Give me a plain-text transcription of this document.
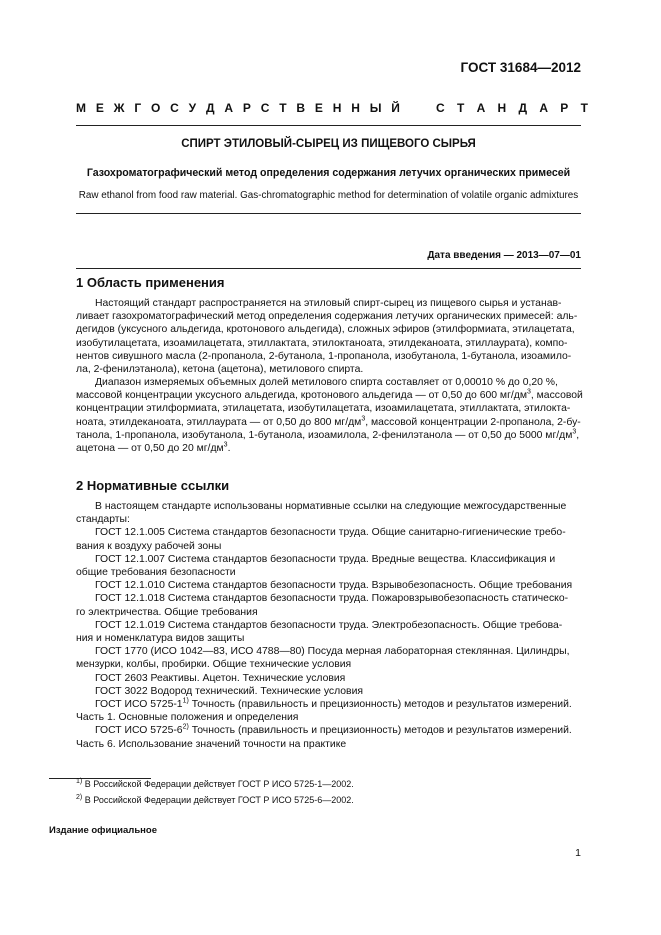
ГОСТ 31684—2012
М Е Ж Г О С У Д А Р С Т В Е Н Н Ы Й	С Т А Н Д А Р Т
СПИРТ ЭТИЛОВЫЙ-СЫРЕЦ ИЗ ПИЩЕВОГО СЫРЬЯ
Газохроматографический метод определения содержания летучих органических примесей
Raw ethanol from food raw material. Gas-chromatographic method for determination of volatile organic admixtures
Дата введения — 2013—07—01
1 Область применения
Настоящий стандарт распространяется на этиловый спирт-сырец из пищевого сырья и устанав-
ливает газохроматографический метод определения содержания летучих органических примесей: аль-
дегидов (уксусного альдегида, кротонового альдегида), сложных эфиров (этилформиата, этилацетата,
изобутилацетата, изоамилацетата, этиллактата, этилоктаноата, этилдеканоата, этиллаурата), компо-
нентов сивушного масла (2-пропанола, 2-бутанола, 1-пропанола, изобутанола, 1-бутанола, изоамило-
ла, 2-фенилэтанола), кетона (ацетона), метилового спирта.
Диапазон измеряемых объемных долей метилового спирта составляет от 0,00010 % до 0,20 %,
массовой концентрации уксусного альдегида, кротонового альдегида — от 0,50 до 600 $мг/дм^3$, массовой
концентрации этилформиата, этилацетата, изобутилацетата, изоамилацетата, этиллактата, этилокта-
ноата, этилдеканоата, этиллаурата — от 0,50 до 800 $мг/дм^3$, массовой концентрации 2-пропанола, 2-бу-
танола, 1-пропанола, изобутанола, 1-бутанола, изоамилола, 2-фенилэтанола — от 0,50 до 5000 $мг/дм^3$,
ацетона — от 0,50 до 20 $мг/дм^3$.
2 Нормативные ссылки
В настоящем стандарте использованы нормативные ссылки на следующие межгосударственные
стандарты:
ГОСТ 12.1.005 Система стандартов безопасности труда. Общие санитарно-гигиенические требо-
вания к воздуху рабочей зоны
ГОСТ 12.1.007 Система стандартов безопасности труда. Вредные вещества. Классификация и
общие требования безопасности
ГОСТ 12.1.010 Система стандартов безопасности труда. Взрывобезопасность. Общие требования
ГОСТ 12.1.018 Система стандартов безопасности труда. Пожаровзрывобезопасность статическо-
го электричества. Общие требования
ГОСТ 12.1.019 Система стандартов безопасности труда. Электробезопасность. Общие требова-
ния и номенклатура видов защиты
ГОСТ 1770 (ИСО 1042—83, ИСО 4788—80) Посуда мерная лабораторная стеклянная. Цилиндры,
мензурки, колбы, пробирки. Общие технические условия
ГОСТ 2603 Реактивы. Ацетон. Технические условия
ГОСТ 3022 Водород технический. Технические условия
ГОСТ ИСО 5725-1$^{1)}$ Точность (правильность и прецизионность) методов и результатов измерений.
Часть 1. Основные положения и определения
ГОСТ ИСО 5725-6$^{2)}$ Точность (правильность и прецизионность) методов и результатов измерений.
Часть 6. Использование значений точности на практике
$^{1)}$ В Российской Федерации действует ГОСТ Р ИСО 5725-1—2002.
$^{2)}$ В Российской Федерации действует ГОСТ Р ИСО 5725-6—2002.
Издание официальное
1
